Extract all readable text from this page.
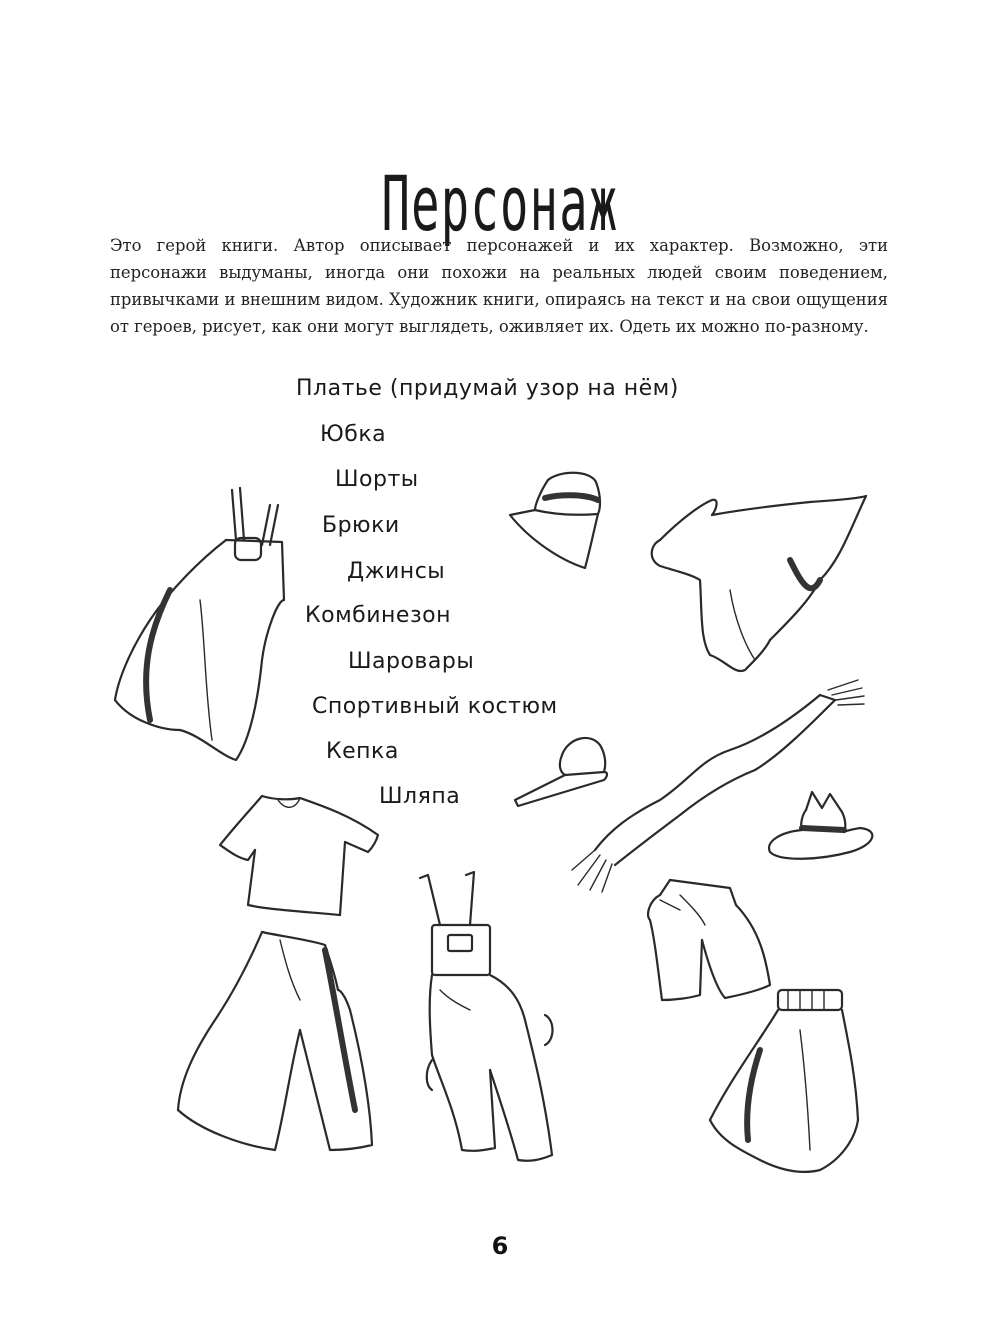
Персонаж

Это герой книги. Автор описывает персонажей и их характер. Возможно, эти персонажи выдуманы, иногда они похожи на реальных людей своим поведением, привычками и внешним видом. Художник книги, опираясь на текст и на свои ощущения от героев, рисует, как они могут выглядеть, оживляет их. Одеть их можно по-разному.

Платье (придумай узор на нём)
Юбка
Шорты
Брюки
Джинсы
Комбинезон
Шаровары
Спортивный костюм
Кепка
Шляпа
6
